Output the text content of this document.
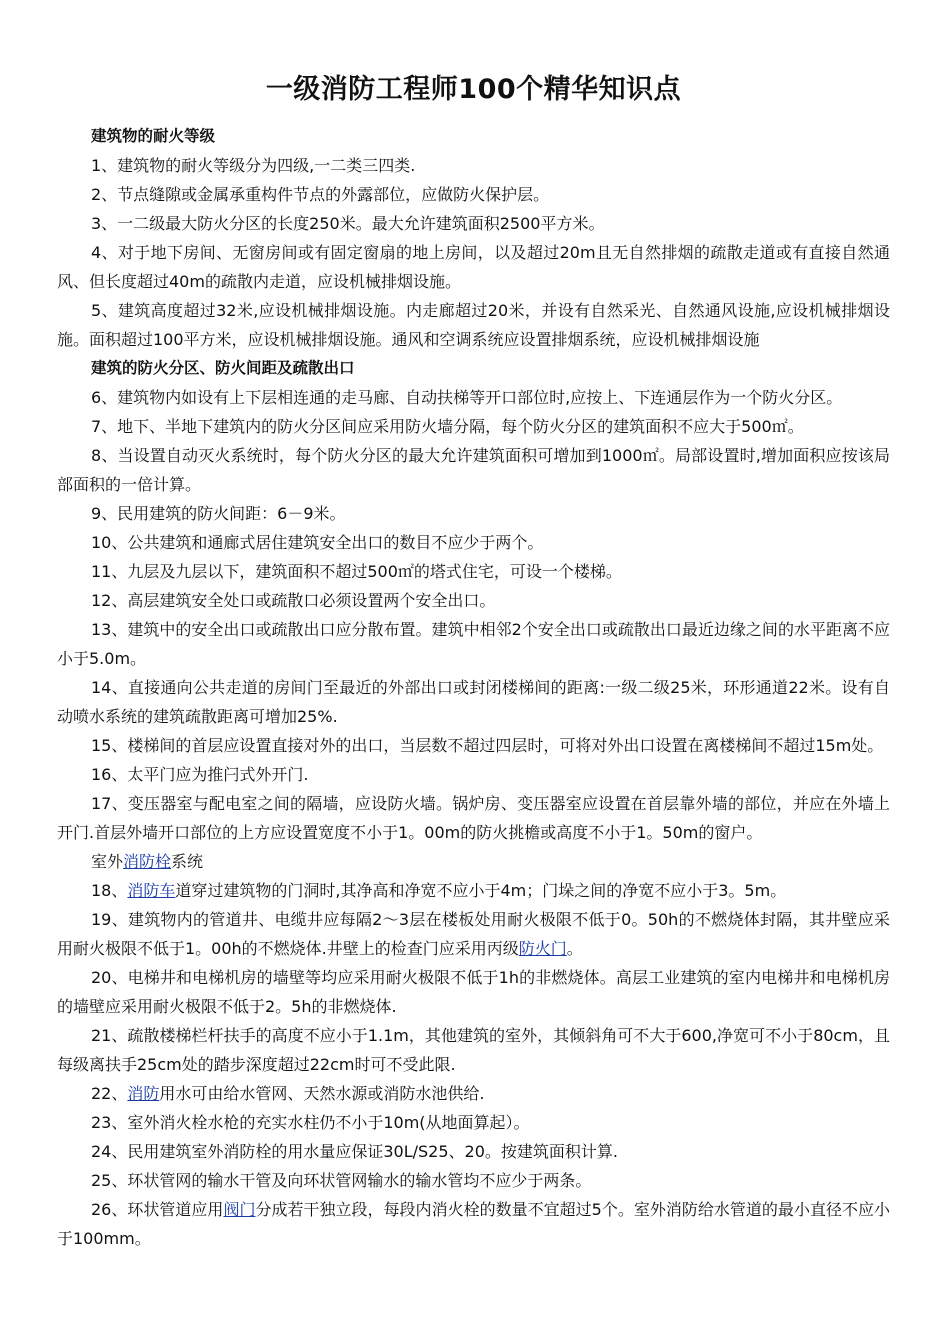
一级消防工程师100个精华知识点

建筑物的耐火等级

1、建筑物的耐火等级分为四级,一二类三四类.

2、节点缝隙或金属承重构件节点的外露部位，应做防火保护层。

3、一二级最大防火分区的长度250米。最大允许建筑面积2500平方米。

4、对于地下房间、无窗房间或有固定窗扇的地上房间，以及超过20m且无自然排烟的疏散走道或有直接自然通风、但长度超过40m的疏散内走道，应设机械排烟设施。

5、建筑高度超过32米,应设机械排烟设施。内走廊超过20米，并设有自然采光、自然通风设施,应设机械排烟设施。面积超过100平方米，应设机械排烟设施。通风和空调系统应设置排烟系统，应设机械排烟设施

建筑的防火分区、防火间距及疏散出口

6、建筑物内如设有上下层相连通的走马廊、自动扶梯等开口部位时,应按上、下连通层作为一个防火分区。

7、地下、半地下建筑内的防火分区间应采用防火墙分隔，每个防火分区的建筑面积不应大于500㎡。

8、当设置自动灭火系统时，每个防火分区的最大允许建筑面积可增加到1000㎡。局部设置时,增加面积应按该局部面积的一倍计算。

9、民用建筑的防火间距：6－9米。

10、公共建筑和通廊式居住建筑安全出口的数目不应少于两个。

11、九层及九层以下，建筑面积不超过500㎡的塔式住宅，可设一个楼梯。

12、高层建筑安全处口或疏散口必须设置两个安全出口。

13、建筑中的安全出口或疏散出口应分散布置。建筑中相邻2个安全出口或疏散出口最近边缘之间的水平距离不应小于5.0m。

14、直接通向公共走道的房间门至最近的外部出口或封闭楼梯间的距离:一级二级25米，环形通道22米。设有自动喷水系统的建筑疏散距离可增加25%.

15、楼梯间的首层应设置直接对外的出口，当层数不超过四层时，可将对外出口设置在离楼梯间不超过15m处。

16、太平门应为推闩式外开门.

17、变压器室与配电室之间的隔墙，应设防火墙。锅炉房、变压器室应设置在首层靠外墙的部位，并应在外墙上开门.首层外墙开口部位的上方应设置宽度不小于1。00m的防火挑檐或高度不小于1。50m的窗户。

室外消防栓系统

18、消防车道穿过建筑物的门洞时,其净高和净宽不应小于4m；门垛之间的净宽不应小于3。5m。

19、建筑物内的管道井、电缆井应每隔2～3层在楼板处用耐火极限不低于0。50h的不燃烧体封隔，其井壁应采用耐火极限不低于1。00h的不燃烧体.井壁上的检查门应采用丙级防火门。

20、电梯井和电梯机房的墙壁等均应采用耐火极限不低于1h的非燃烧体。高层工业建筑的室内电梯井和电梯机房的墙壁应采用耐火极限不低于2。5h的非燃烧体.

21、疏散楼梯栏杆扶手的高度不应小于1.1m，其他建筑的室外，其倾斜角可不大于600,净宽可不小于80cm，且每级离扶手25cm处的踏步深度超过22cm时可不受此限.

22、消防用水可由给水管网、天然水源或消防水池供给.

23、室外消火栓水枪的充实水柱仍不小于10m(从地面算起）。

24、民用建筑室外消防栓的用水量应保证30L/S25、20。按建筑面积计算.

25、环状管网的输水干管及向环状管网输水的输水管均不应少于两条。

26、环状管道应用阀门分成若干独立段，每段内消火栓的数量不宜超过5个。室外消防给水管道的最小直径不应小于100mm。
